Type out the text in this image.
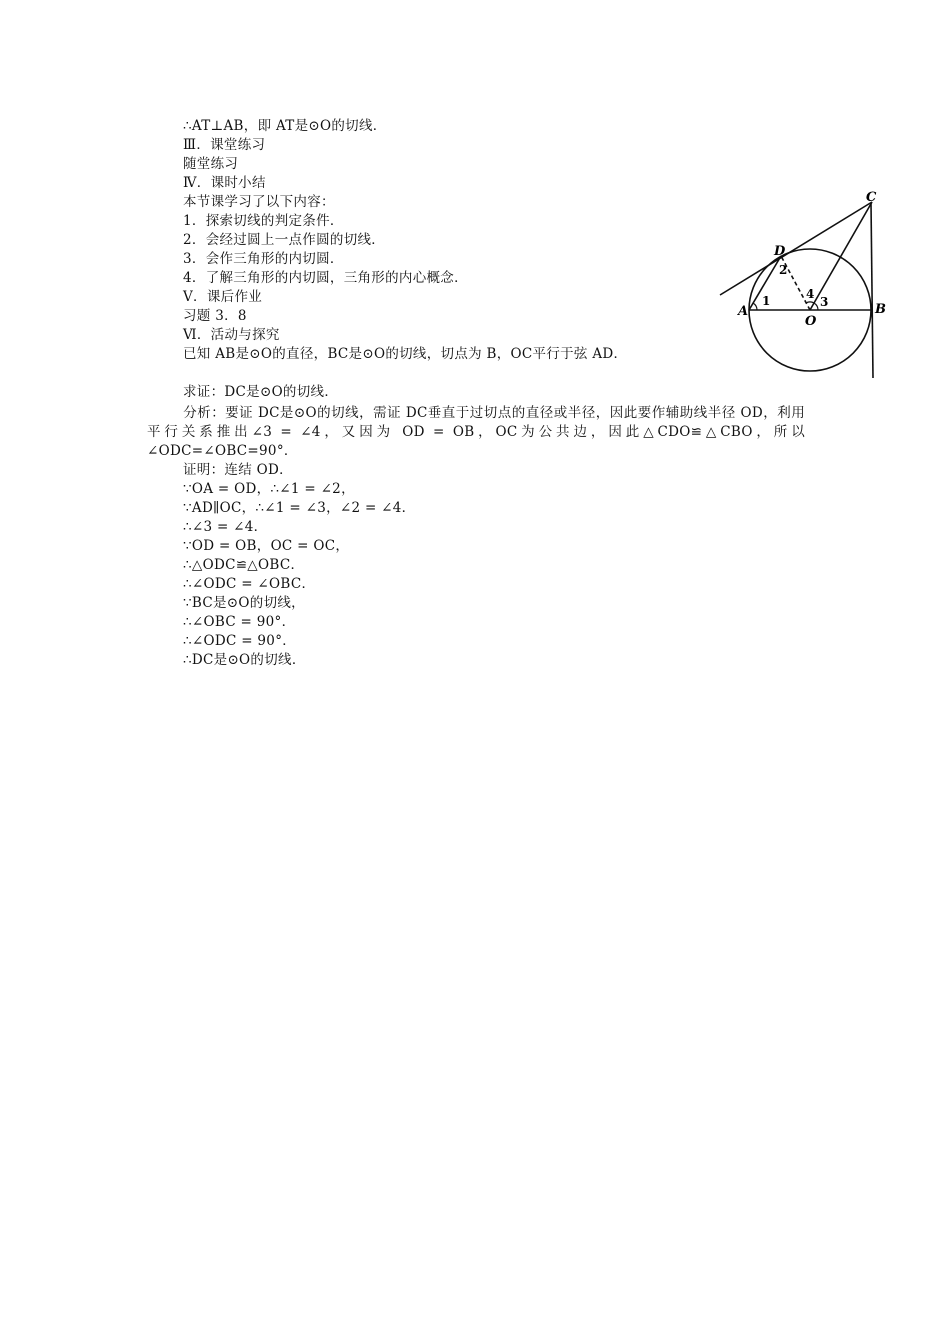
∴AT⊥AB，即 AT是⊙O的切线．
Ⅲ．课堂练习
随堂练习
Ⅳ．课时小结
本节课学习了以下内容：
1．探索切线的判定条件．
2．会经过圆上一点作圆的切线．
3．会作三角形的内切圆．
4．了解三角形的内切圆，三角形的内心概念．
Ⅴ．课后作业
习题 3．8
Ⅵ．活动与探究
已知 AB是⊙O的直径，BC是⊙O的切线，切点为 B，OC平行于弦 AD．
求证：DC是⊙O的切线．
分析：要证 DC是⊙O的切线，需证 DC垂直于过切点的直径或半径，因此要作辅助线半径 OD，利用平行关系推出∠3 = ∠4，又因为 OD = OB，OC为公共边，因此△CDO≌△CBO，所以∠ODC=∠OBC=90°．
证明：连结 OD．
∵OA = OD，∴∠1 = ∠2，
∵AD∥OC，∴∠1 = ∠3，∠2 = ∠4．
∴∠3 = ∠4．
∵OD = OB，OC = OC，
∴△ODC≌△OBC．
∴∠ODC = ∠OBC．
∵BC是⊙O的切线，
∴∠OBC = 90°．
∴∠ODC = 90°．
∴DC是⊙O的切线．
A	B
C
D
O
1
2
3
4
